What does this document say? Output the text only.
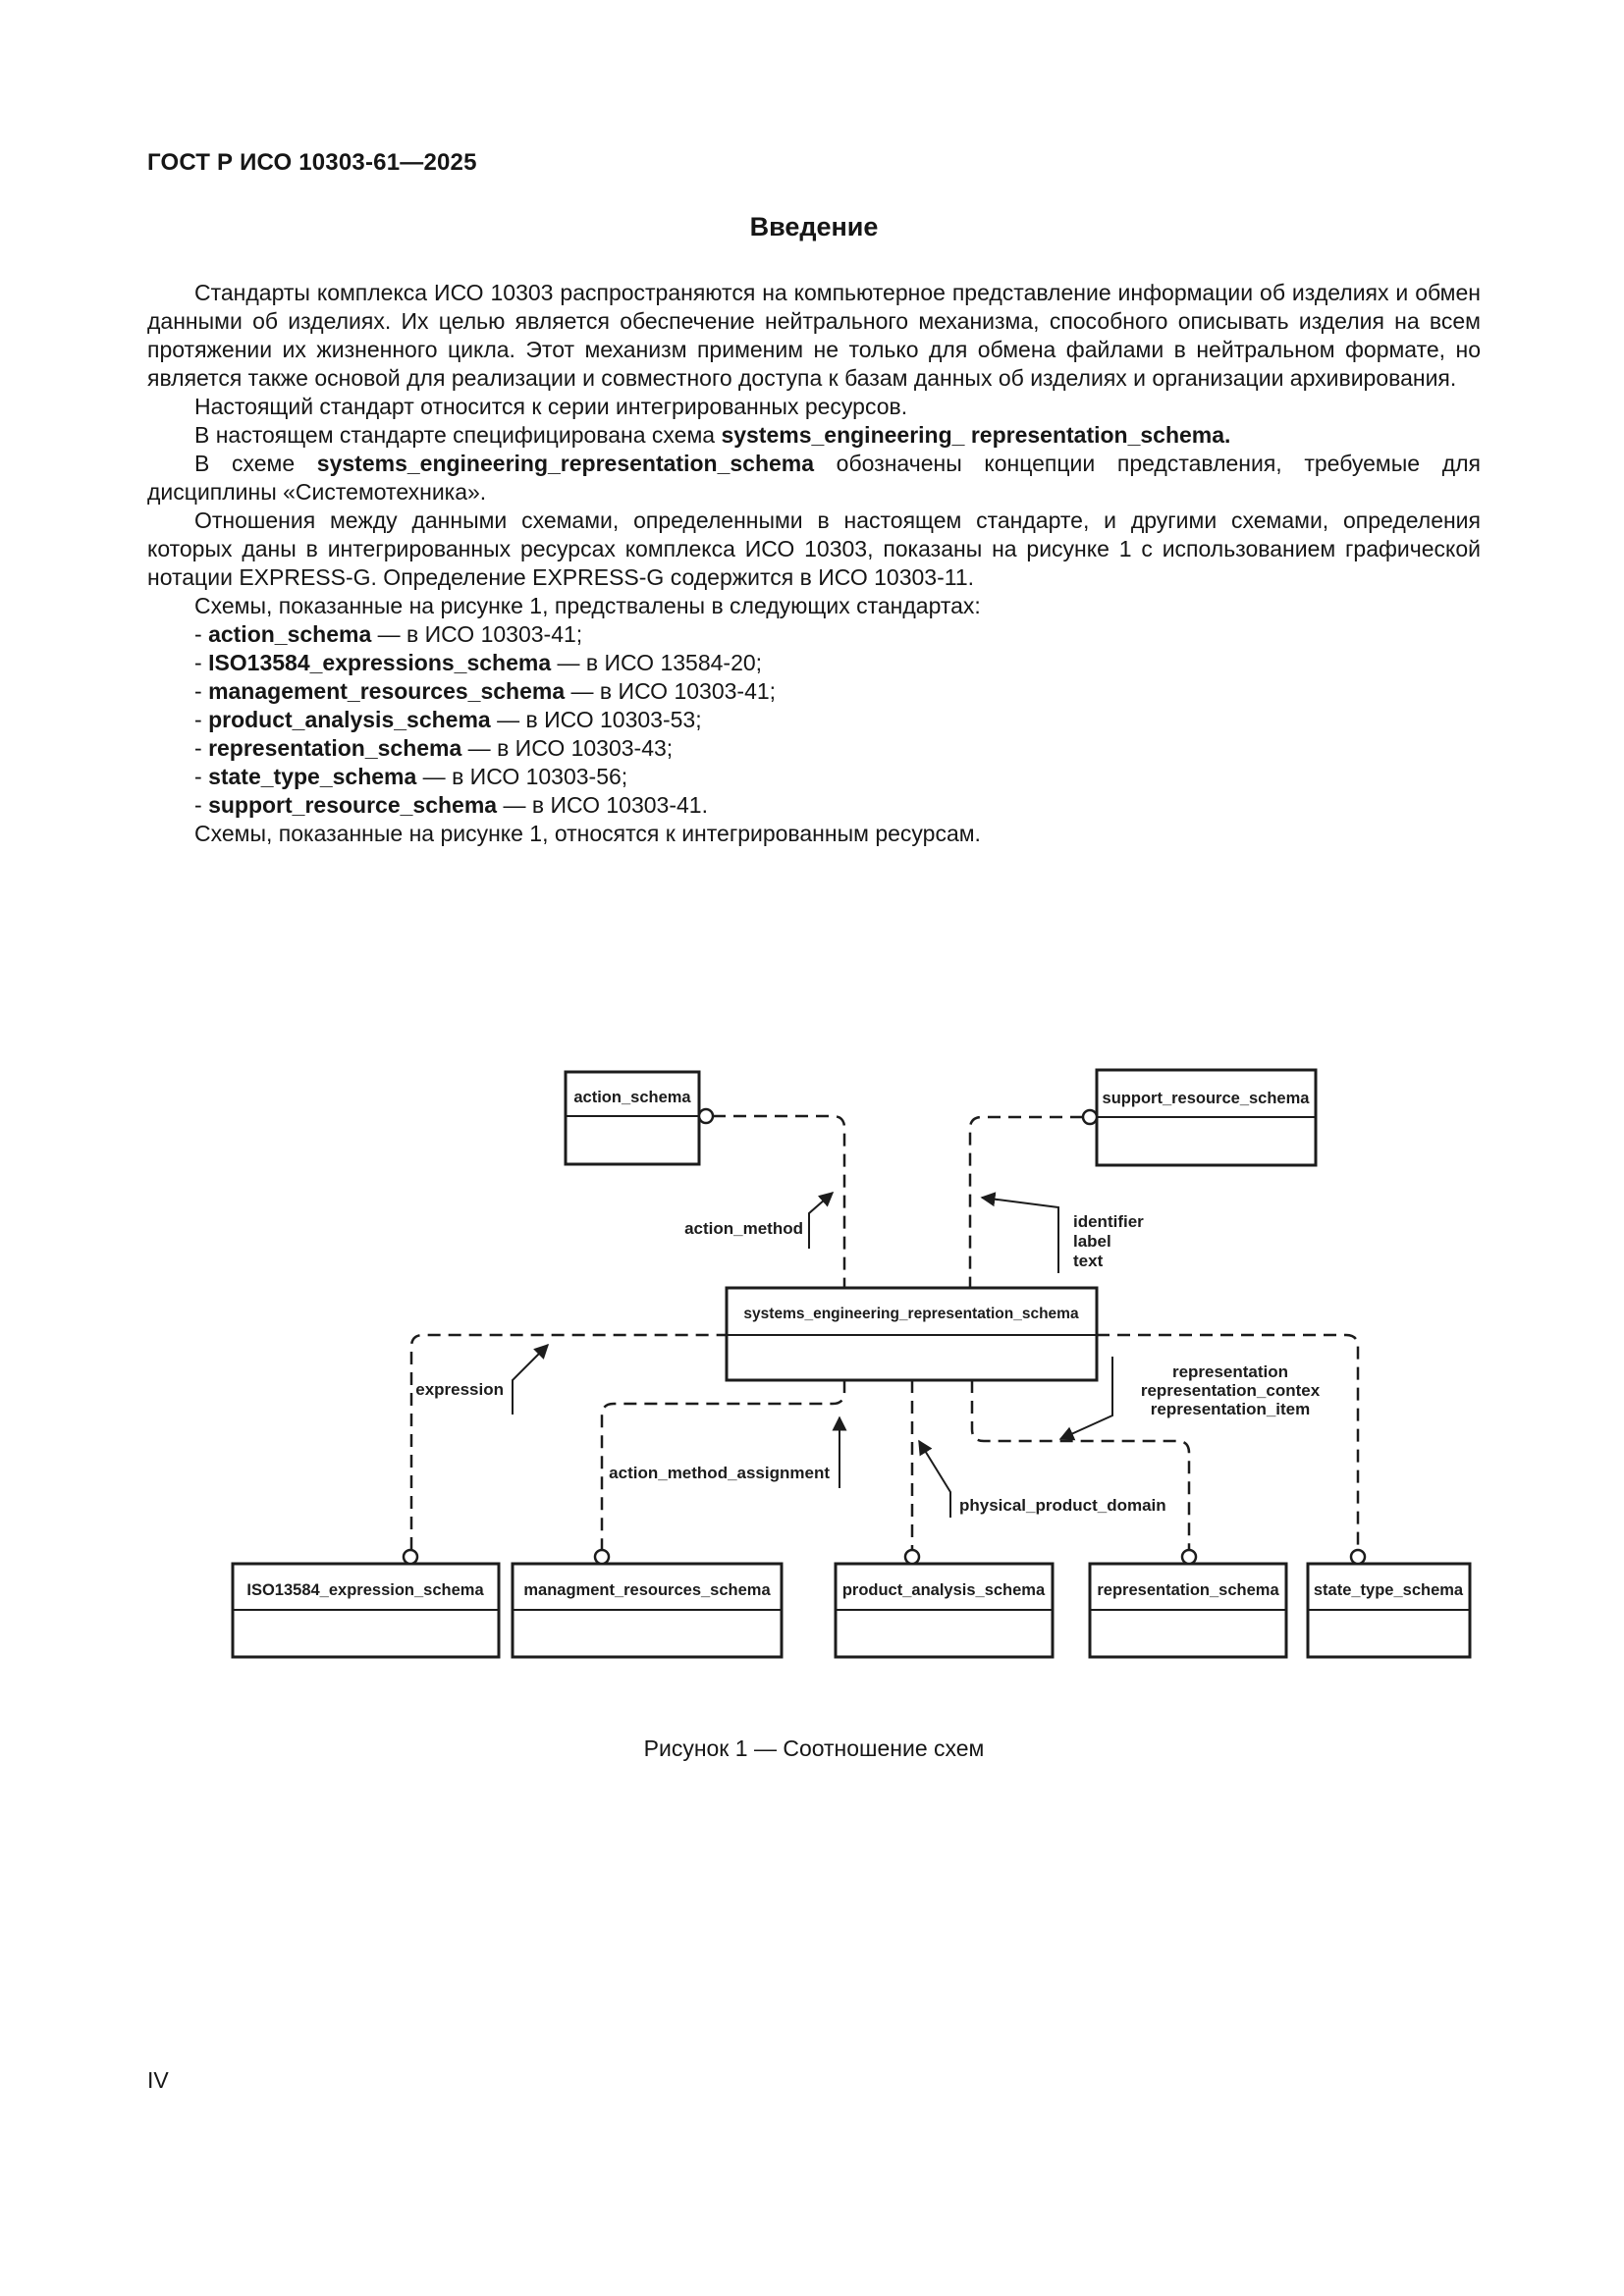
ГОСТ Р ИСО 10303-61—2025
Введение

Стандарты комплекса ИСО 10303 распространяются на компьютерное представление информации об изделиях и обмен данными об изделиях. Их целью является обеспечение нейтрального механизма, способного описывать изделия на всем протяжении их жизненного цикла. Этот механизм применим не только для обмена файлами в нейтральном формате, но является также основой для реализации и совместного доступа к базам данных об изделиях и организации архивирования.

Настоящий стандарт относится к серии интегрированных ресурсов.

В настоящем стандарте специфицирована схема systems_engineering_ representation_schema.

В схеме systems_engineering_representation_schema обозначены концепции представления, требуемые для дисциплины «Системотехника».

Отношения между данными схемами, определенными в настоящем стандарте, и другими схемами, определения которых даны в интегрированных ресурсах комплекса ИСО 10303, показаны на рисунке 1 с использованием графической нотации EXPRESS-G. Определение EXPRESS-G содержится в ИСО 10303-11.

Схемы, показанные на рисунке 1, предствалены в следующих стандартах:

- action_schema — в ИСО 10303-41;
- ISO13584_expressions_schema — в ИСО 13584-20;
- management_resources_schema — в ИСО 10303-41;
- product_analysis_schema — в ИСО 10303-53;
- representation_schema — в ИСО 10303-43;
- state_type_schema — в ИСО 10303-56;
- support_resource_schema — в ИСО 10303-41.

Схемы, показанные на рисунке 1, относятся к интегрированным ресурсам.

action_schema	support_resource_schema
systems_engineering_representation_schema
ISO13584_expression_schema managment_resources_schema	product_analysis_schema	representation_schema state_type_schema
action_method	identifier
label
text
expression
action_method_assignment
physical_product_domain
representation
representation_contex
representation_item
Рисунок 1 — Соотношение схем
IV
